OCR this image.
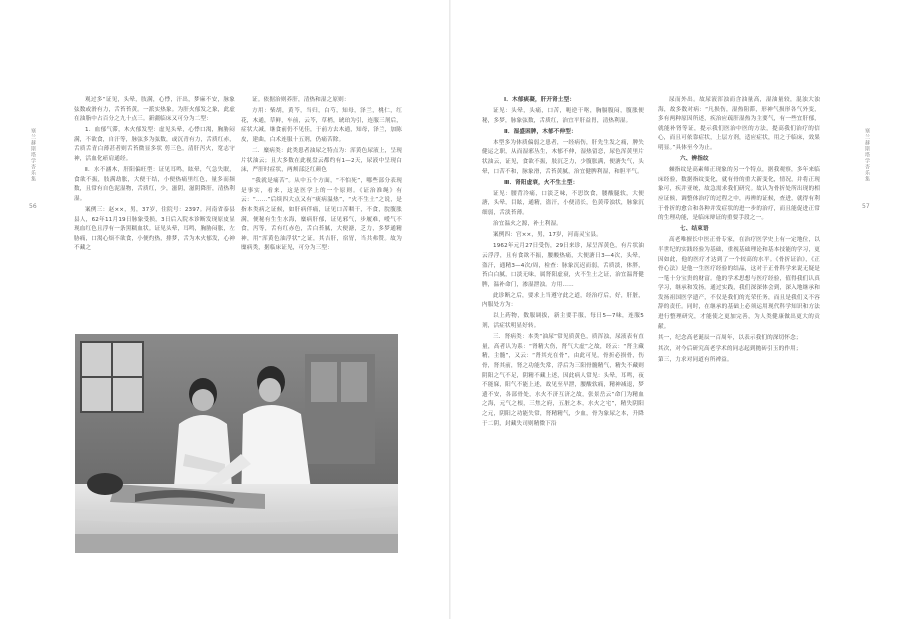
塞兰赫斯塔学杏乐集
56

观过多“证见，头晕，肢满，心悸，汗出，梦麻不安，脉象弦数或滑有力，舌苔苔黄。一派实热象。为肝火郁发之象，此虚在油脂中占百分之九十点三。新疆临床又可分为二型：

1．血郁气滞，木火郁发型：虚见头晕，心悸口渴，胸胁闷满，不欲食，自汗等，脉弦多为弦数，或沉青有力，舌质红赤，舌质舌青白薄甚者则舌苔微显多状 剪三色，清肝泻火，宽志守神，活血化瘀肩通经。

Ⅱ．水不涵木，肝阳偏旺型：证见耳鸣，眩晕，气急失眠，食欲不振，肢满劫胀，大便干结，小便热痛里红色，量多而频数，且常有自色泥湿物，舌质红，少，滋阴，滋阴降肝，清热利湿。

案例三：赵××，男，37岁，住院号：2397。河南省泰县县人，62年11月19日脉象受损，3日后入院本诊断发现原皮显现血红色且浮有一条黑糯血状。证见头晕，耳鸣，胸胁闷胀，左胁痛，口渴心烦不欲食，小便灼热，排梦，舌为木火郁发，心神不藏之

证。依据治则养肝，清热和湿之原则：

方用：柴胡，黄芩，当归，白芍，知母，泽兰，桃仁，红花，木通，草鲜，车前，云芩，草梢，琥珀为引，连服三剂后，症状大减，继食前仍不见佳，于前方去木通，知母，泽兰，加陈皮，建曲，白术连服十五剂，仍痛苦除。

二．糜病类：此类患者油尿之特点为：浑黄色尿液上，呈现片状油云；且大多数在此视盘云都约有1—2天，尿液中呈现白沫，严肝时症状，两颊部泛红颜色

“我就是痛苦”。从中五个方面，“不怕死”，哪些部分表现是事实，看来，这是医学上的一个原则。《证治准绳》有云：“……”后续四大点又有“痰病温热”，“火不生土”之说，是指本类病之证候，如肝病伴痛，证见口苦咽干，不食，脘腹胀满，便秘有生生水海，糜病肝郁，证见邪气，步履难，嗳气不食，泻等，舌有红赤色，舌白苔腻，大便溏，乏力，多梦通精神，用“浑黄色油浮状”之证，其吉肝，宿胃，当共弗赞。故为糜病类，据临床证见，可分为三型：

塞兰赫斯塔学杏乐集
57

Ⅰ．木郁痰凝，肝开肾土型：

证见：头晕，头痛，口苦，呃逆干呕，胸膈腹闷，腹胀便秘，多梦，脉象弦数，舌质红，治宜平肝益胃，清热利湿。

Ⅱ．湿盛困脾，木郁不伸型：

本型多为体质偏弱之患者，一经病伤，肝先生发之痛，脾失健运之职，从而湿邪丛生，木郁不伸，湿热留恋，尿色浑黄里片状油云，证见，食欲不振，肢沉乏力，少腹胀满，便溏失气，头晕，口苦不和，脉象滑，舌苔黄腻，治宜健脾利湿，和胆平气。

Ⅲ．肾阳虚衰，火不生土型：

证见：腰背冷痛，口淡乏味，不思饮食，腰酸腿软，大便溏，头晕，目眩，通精，盗汗，小便清长，色黄带浊状，脉象沉细弱，舌淡苔薄。

治宜温火之源，补土利湿。

案例四：官××，男，17岁，河南灵宝县。

1962年元月27日受伤，29日来诊，尿呈浑黄色，有片状油云浮浮，且有食欲不振，腰酸热痛，大便溏日3—4次，头晕，盗汗，通精3—4次/周，检查：脉象沉迟而弱，舌质淡，体胖，苔白白腻，口淡无味，属肾阳虚衰，火不生土之证，治宜温肾健脾，温补命门，渗湿泄浊。方用……

此诊断之后，要求上当遵守此之道，经治疗后，好，肝脏，内服处方为：

以上药物，数服调拔，新主要手服，每日5—7味，连服5剂，活症状明显好转。

三．肾病类：本类“油尿”常见质黄色，质浑浊，尿液表有直量，高者认为系：“肾精大伤，肾气大虚”之故，经云：“肾主藏精，主髓”，又云：“肾其充在骨”，由此可见，骨折必损骨，伤骨，肾其前，肾之功能失常，浮后为三阳骨髓精气，精失不藏则阴阳之气不足，阴精不藏上述，因此病人常见：头晕，耳鸣，夜不能寐，阳气不能上述，故见至早泄，腰酸软痛，精神减退，梦遗不安，各部骨处，水火不济互济之故，张景岳云“命门为精血之海，元气之根，三焦之府，五脏之本，水火之宅”，精失阴阳之元，阴阳之功能失常，肾精精气，少血，骨为象尿之本，升降于二阴，封藏失司则精微下沿

尿而外出。故尿液浑浊而含油量高，湿油量较，混浊大浊海，故多数对病：“凡损伤，湿热阻滞，形神气损形各气外变，多有两种原因所述，疾治应疏肝湿热为主要气，有一些宜肝郁，就能补肾等证，提示我们医治中医的方法，提高我们治疗的信心，而且可依靠症状，上层方剂，适应症状，用之于临床，效果明显。”具体至今为止。

六、辨指纹

棘指纹是高素师正现象的另一个特点，据我观察，多年来临床经验，数据指纹变化，就有骨的重大新变化，情况，并将正现象可，疾并亚统，故急需求我们研究。故认为骨折处所出现的相应证候，调整体治疗的过程之中，再辨的证候，查进，就得有利于骨折的愈合和各种并发症状的进一步的治疗，而且能促进正常的生理功能，是临床辩证的重要手段之一。

七、结束语

高老唯擅长中医正骨专家，在治疗医学史上有一定地位，以半世纪的实践经验为基础，重视基础理论和基本技能的学习，更因如此，他的医疗才达到了一个较高的水平。《骨折证治》，《正骨心法》是他一生医疗经验的结晶，这对于正骨科学来说无疑是一笔十分宝贵的财富。他的学术思想与医疗经验，值得我们认真学习，继承和发扬。通过实践，我们深深体会到，深入地继承和发扬祖国医学遗产，不仅是我们的光荣任务，而且是我们义不容辞的责任。同时，在继承的基础上必须运用现代科学知识和方法进行整理研究，才能使之更加完善，为人类健康做出更大的贡献。

其一，纪念高老诞辰一百周年，以表示我们的深切怀念；

其次，对今后研究高老学术的同志起到抛砖引玉的作用；

第三，力求对同道有所裨益。
